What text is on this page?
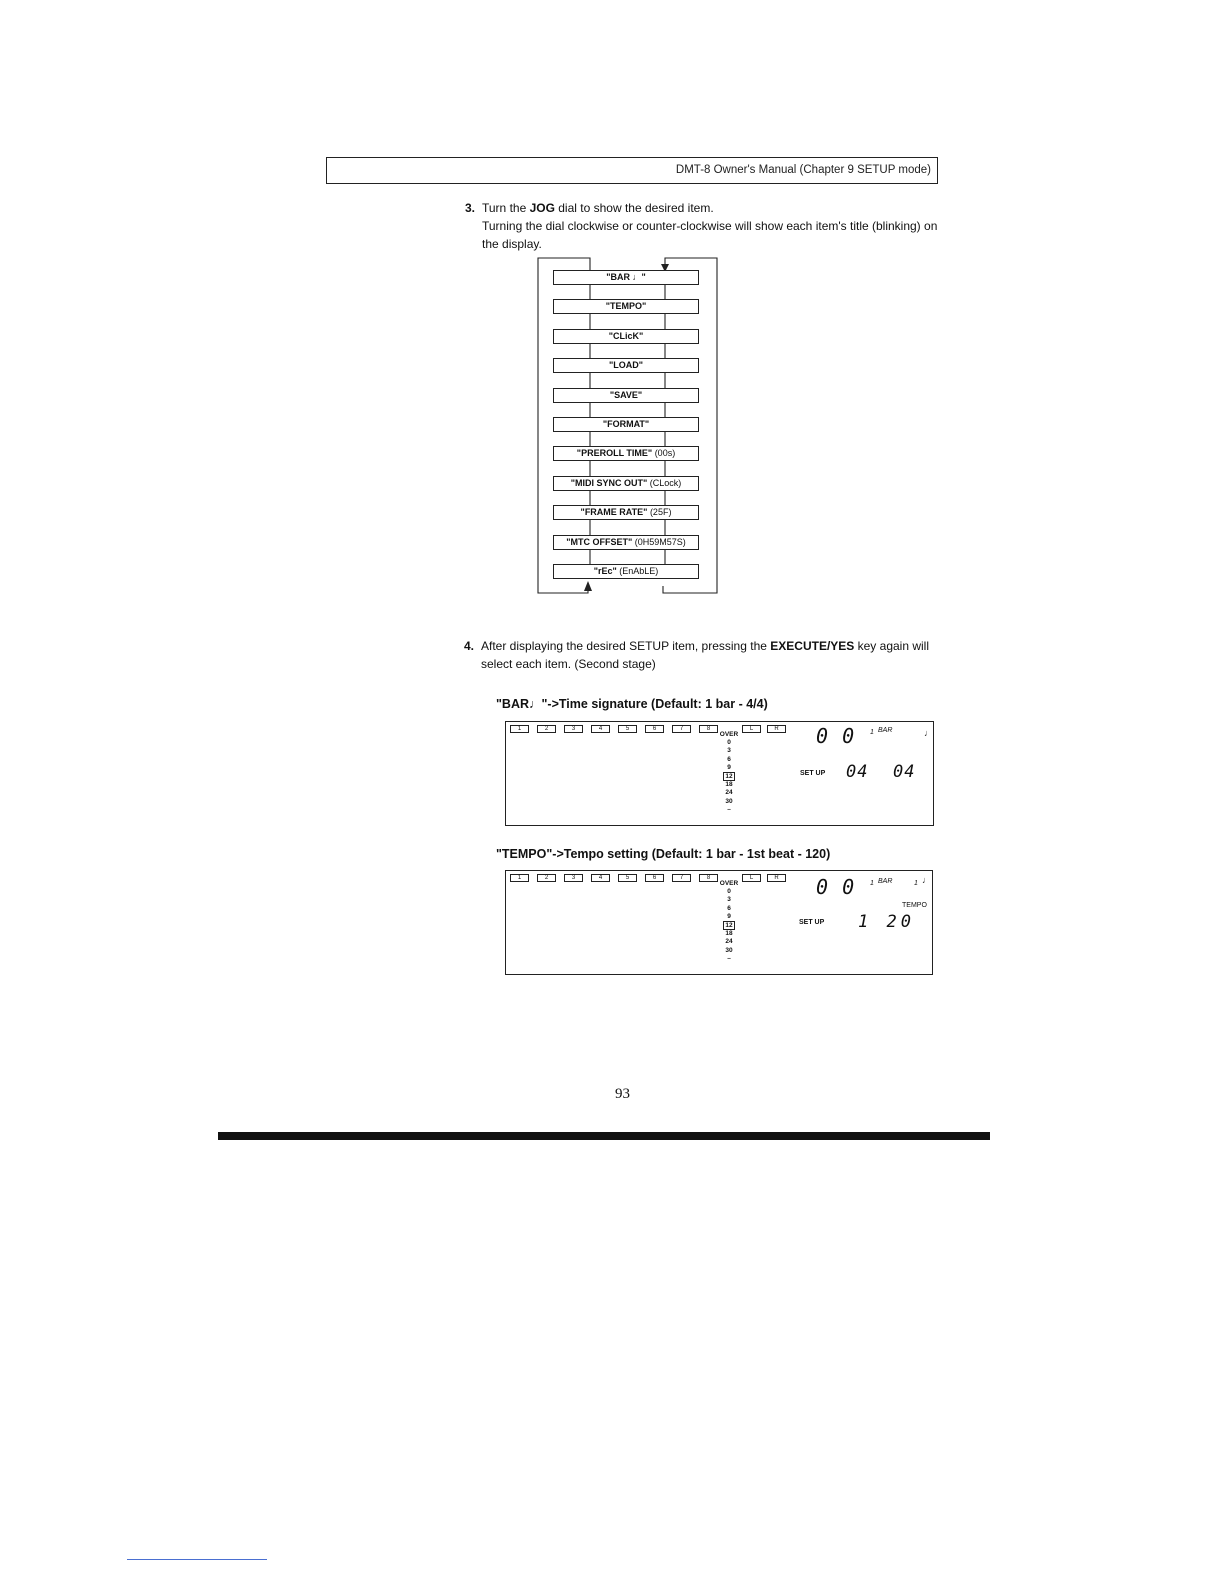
DMT-8 Owner's Manual (Chapter 9 SETUP mode)
3. Turn the JOG dial to show the desired item.

Turning the dial clockwise or counter-clockwise will show each item's title (blinking) on the display.

"BAR ♩"
"TEMPO"
"CLicK"
"LOAD"
"SAVE"
"FORMAT"
"PREROLL TIME" (00s)
"MIDI SYNC OUT" (CLock)
"FRAME RATE" (25F)
"MTC OFFSET" (0H59M57S)
"rEc" (EnAbLE)
4. After displaying the desired SETUP item, pressing the EXECUTE/YES key again will select each item. (Second stage)

"BAR♩"->Time signature (Default: 1 bar - 4/4)
1	2	3	4	5	6	7	8	L	R
OVER
0
3
6
9
12
18
24
30
–
0 0 1 BAR	♩
SET UP 04 04
"TEMPO"->Tempo setting (Default: 1 bar - 1st beat - 120)
1	2	3	4	5	6	7	8	L	R
OVER
0
3
6
9
12
18
24
30
–
0 0 1 BAR	1 ♩
TEMPO
SET UP 1 20
93
